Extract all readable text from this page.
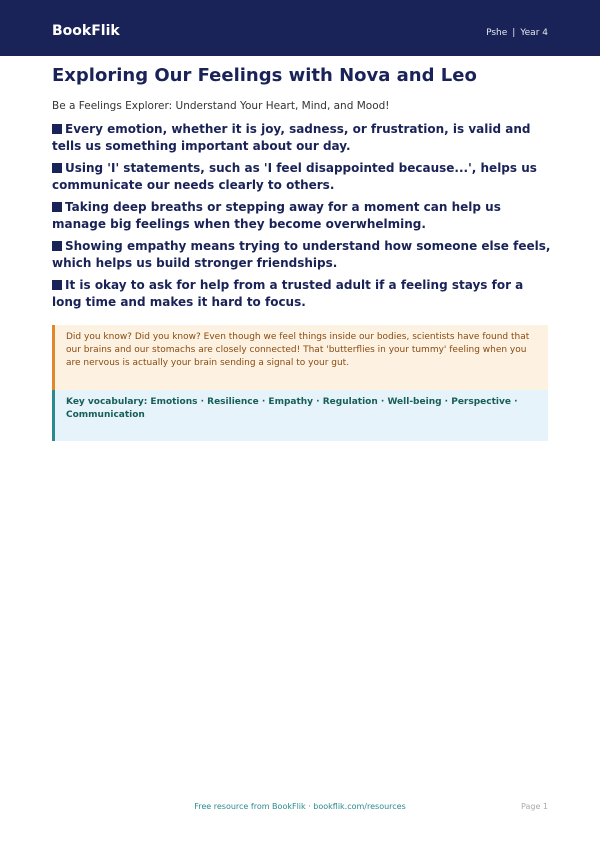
BookFlik	Pshe | Year 4
Exploring Our Feelings with Nova and Leo

Be a Feelings Explorer: Understand Your Heart, Mind, and Mood!

Every emotion, whether it is joy, sadness, or frustration, is valid and tells us something important about our day.
Using 'I' statements, such as 'I feel disappointed because...', helps us communicate our needs clearly to others.
Taking deep breaths or stepping away for a moment can help us manage big feelings when they become overwhelming.
Showing empathy means trying to understand how someone else feels, which helps us build stronger friendships.
It is okay to ask for help from a trusted adult if a feeling stays for a long time and makes it hard to focus.

Did you know? Did you know? Even though we feel things inside our bodies, scientists have found that our brains and our stomachs are closely connected! That 'butterflies in your tummy' feeling when you are nervous is actually your brain sending a signal to your gut.

Key vocabulary: Emotions · Resilience · Empathy · Regulation · Well-being · Perspective · Communication

Free resource from BookFlik · bookflik.com/resources	Page 1
